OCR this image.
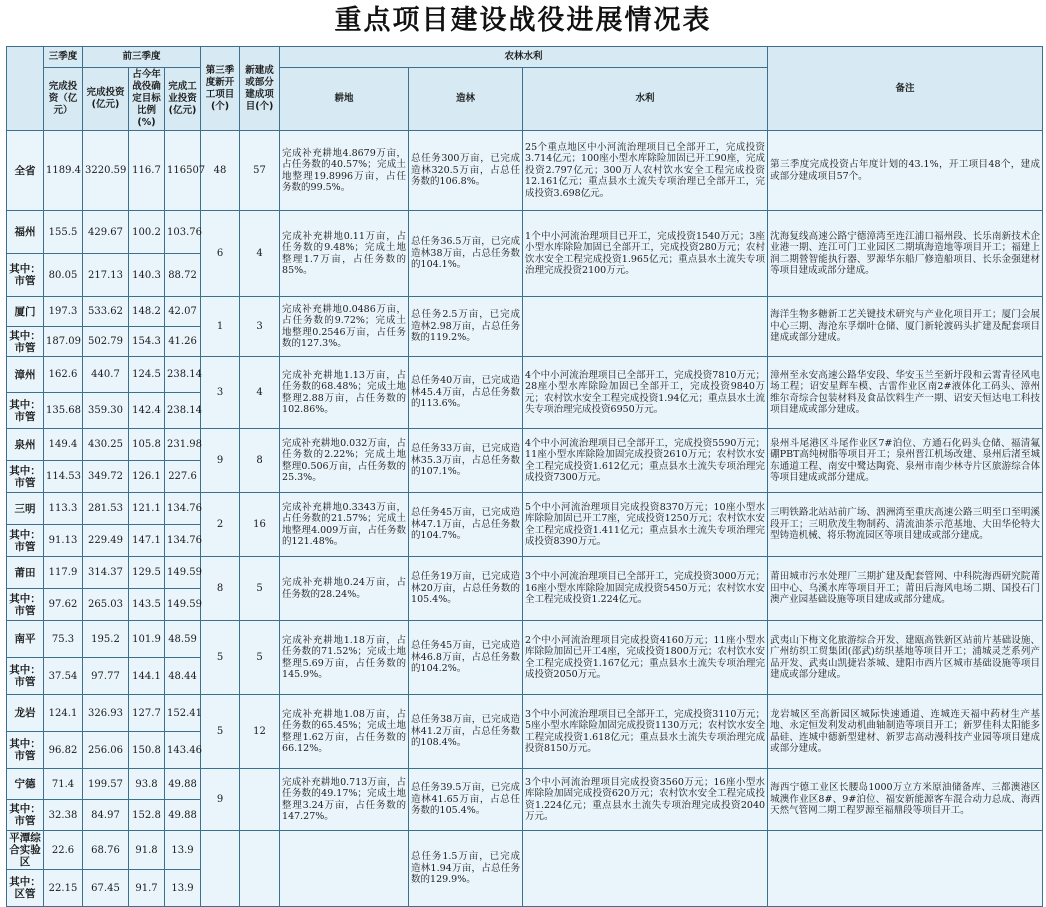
重点项目建设战役进展情况表
	三季度	前三季度			第三季度新开工项目(个)	新建成或部分建成项目(个)	农林水利			备注
	完成投资（亿元）	完成投资(亿元)	占今年战役确定目标比例(%)	完成工业投资(亿元)						
							耕地	造林	水利	
全省	1189.4	3220.59	116.7	116507	48	57	完成补充耕地4.8679万亩，占任务数的40.57%；完成土地整理19.8996万亩，占任务数的99.5%。	总任务300万亩，已完成造林320.5万亩，占总任务数的106.8%。	25个重点地区中小河流治理项目已全部开工，完成投资3.714亿元；100座小型水库除险加固已开工90座，完成投资2.797亿元；300万人农村饮水安全工程完成投资12.161亿元；重点县水土流失专项治理已全部开工，完成投资3.698亿元。	第三季度完成投资占年度计划的43.1%，开工项目48个，建成或部分建成项目57个。
福州	155.5	429.67	100.2	103.76	6	4	完成补充耕地0.11万亩，占任务数的9.48%；完成土地整理1.7万亩，占任务数的85%。	总任务36.5万亩，已完成造林38万亩，占总任务数的104.1%。	1个中小河流治理项目已开工，完成投资1540万元；3座小型水库除险加固已全部开工，完成投资280万元；农村饮水安全工程完成投资1.965亿元；重点县水土流失专项治理完成投资2100万元。	沈海复线高速公路宁德漳湾至连江浦口福州段、长乐南新技术企业港一期、连江可门工业园区二期填海造地等项目开工；福建上润二期營智能执行器、罗源华东船厂修造船项目、长乐金强建材等项目建成或部分建成。
其中：市管	80.05	217.13	140.3	88.72						
厦门	197.3	533.62	148.2	42.07	1	3	完成补充耕地0.0486万亩，占任务数的9.72%；完成土地整理0.2546万亩，占任务数的127.3%。	总任务2.5万亩，已完成造林2.98万亩，占总任务数的119.2%。		海洋生物多糖新工艺关键技术研究与产业化项目开工；厦门会展中心三期、海沧东孚烟叶仓储、厦门新轮渡码头扩建及配套项目建成或部分建成。
其中：市管	187.09	502.79	154.3	41.26						
漳州	162.6	440.7	124.5	238.14	3	4	完成补充耕地1.13万亩，占任务数的68.48%；完成土地整理2.88万亩，占任务数的102.86%。	总任务40万亩，已完成造林45.4万亩，占总任务数的113.6%。	4个中小河流治理项目已全部开工，完成投资7810万元；28座小型水库除险加固已全部开工，完成投资9840万元；农村饮水安全工程完成投资1.94亿元；重点县水土流失专项治理完成投资6950万元。	漳州至永安高速公路华安段、华安玉兰至新圩段和云霄青径风电场工程；诏安星辉车模、古雷作业区南2#液体化工码头、漳州维尔奇综合包装材料及食品饮料生产一期、诏安天恒达电工科技项目建成或部分建成。
其中：市管	135.68	359.30	142.4	238.14						
泉州	149.4	430.25	105.8	231.98	9	8	完成补充耕地0.032万亩，占任务数的2.22%；完成土地整理0.506万亩，占任务数的25.3%。	总任务33万亩，已完成造林35.3万亩，占总任务数的107.1%。	4个中小河流治理项目已全部开工，完成投资5590万元；11座小型水库除险加固完成投资2610万元；农村饮水安全工程完成投资1.612亿元；重点县水土流失专项治理完成投资7300万元。	泉州斗尾港区斗尾作业区7#泊位、方通石化码头仓储、福清氟硼PBT高纯树脂等项目开工；泉州晋江机场改建、泉州后渚至城东通道工程、南安中鹭达陶瓷、泉州市南少林寺片区旅游综合体等项目建成或部分建成。
其中：市管	114.53	349.72	126.1	227.6						
三明	113.3	281.53	121.1	134.76	2	16	完成补充耕地0.3343万亩，占任务数的21.57%；完成土地整理4.009万亩，占任务数的121.48%。	总任务45万亩，已完成造林47.1万亩，占总任务数的104.7%。	5个中小河流治理项目完成投资8370万元；10座小型水库除险加固已开工7座，完成投资1250万元；农村饮水安全工程完成投资1.411亿元；重点县水土流失专项治理完成投资8390万元。	三明铁路北站站前广场、泗洲湾至重庆高速公路三明至口至明溪段开工；三明欣茂生物制药、清流油茶示范基地、大田华伦特大型铸造机械、将乐物流园区等项目建成或部分建成。
其中：市管	91.13	229.49	147.1	134.76						
莆田	117.9	314.37	129.5	149.59	8	5	完成补充耕地0.24万亩，占任务数的28.24%。	总任务19万亩，已完成造林20万亩，占总任务数的105.4%。	3个中小河流治理项目已全部开工，完成投资3000万元；16座小型水库除险加固完成投资5450万元；农村饮水安全工程完成投资1.224亿元。	莆田城市污水处理厂三期扩建及配套管网、中科院海西研究院莆田中心、乌溪水库等项目开工；莆田后海风电场二期、国投石门澳产业园基础设施等项目建成或部分建成。
其中：市管	97.62	265.03	143.5	149.59						
南平	75.3	195.2	101.9	48.59	5	5	完成补充耕地1.18万亩，占任务数的71.52%；完成土地整理5.69万亩，占任务数的145.9%。	总任务45万亩，已完成造林46.8万亩，占总任务数的104.2%。	2个中小河流治理项目完成投资4160万元；11座小型水库除险加固已开工4座，完成投资1800万元；农村饮水安全工程完成投资1.167亿元；重点县水土流失专项治理完成投资2050万元。	武夷山下梅文化旅游综合开发、建瓯高铁新区站前片基础设施、广州纺织工贸集团(邵武)纺织基地等项目开工；浦城灵芝系列产品开发、武夷山凯捷岩茶城、建阳市西片区城市基础设施等项目建成或部分建成。
其中：市管	37.54	97.77	144.1	48.44						
龙岩	124.1	326.93	127.7	152.41	5	12	完成补充耕地1.08万亩，占任务数的65.45%；完成土地整理1.62万亩，占任务数的66.12%。	总任务38万亩，已完成造林41.2万亩，占总任务数的108.4%。	3个中小河流治理项目已全部开工，完成投资3110万元；5座小型水库除险加固完成投资1130万元；农村饮水安全工程完成投资1.618亿元；重点县水土流失专项治理完成投资8150万元。	龙岩城区至高新园区城际快速通道、连城连天福中药材生产基地、永定恒发利发动机曲轴制造等项目开工；新罗佳科太阳能多晶硅、连城中德新型建材、新罗志高动漫科技产业园等项目建成或部分建成。
其中：市管	96.82	256.06	150.8	143.46						
宁德	71.4	199.57	93.8	49.88	9		完成补充耕地0.713万亩，占任务数的49.17%；完成土地整理3.24万亩，占任务数的147.27%。	总任务39.5万亩，已完成造林41.65万亩，占总任务数的105.4%。	3个中小河流治理项目完成投资3560万元；16座小型水库除险加固完成投资620万元；农村饮水安全工程完成投资1.224亿元；重点县水土流失专项治理完成投资2040万元。	海西宁德工业区长腰岛1000万立方米原油储备库、三都澳港区城澳作业区8#、9#泊位、福安新能源客车混合动力总成、海西天然气管网二期工程罗源至福鼎段等项目开工。
其中：市管	32.38	84.97	152.8	49.88						
平潭综合实验区	22.6	68.76	91.8	13.9				总任务1.5万亩，已完成造林1.94万亩，占总任务数的129.9%。		
其中：区管	22.15	67.45	91.7	13.9						
